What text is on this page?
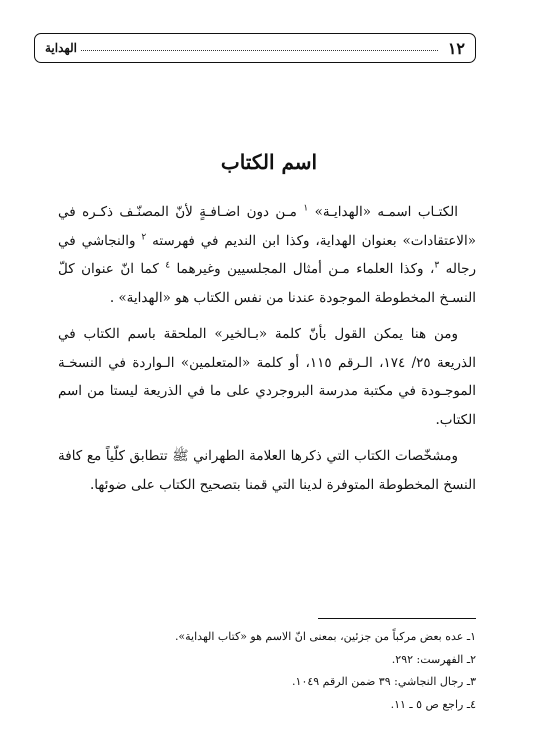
١٢
الهداية
اسم الكتاب

الكتـاب اسمـه «الهدايـة» $^١$ مـن دون اضـافـةٍ لأنّ المصنّـف ذكـره في «الاعتقادات» بعنوان الهداية، وكذا ابن النديم في فهرسته $^٢$ والنجاشي في رجاله $^٣$، وكذا العلماء مـن أمثال المجلسيين وغيرهما $^٤$ كما انّ عنوان كلّ النسـخ المخطوطة الموجودة عندنا من نفس الكتاب هو «الهداية» .

ومن هنا يمكن القول بأنّ كلمة «بـالخير» الملحقة باسم الكتاب في الذريعة ٢٥/ ١٧٤، الـرقم ١١٥، أو كلمة «المتعلمين» الـواردة في النسخـة الموجـودة في مكتبة مدرسة البروجردي على ما في الذريعة ليستا من اسم الكتاب.

ومشخّصات الكتاب التي ذكرها العلامة الطهراني ﷺ تتطابق كلّياً مع كافة النسخ المخطوطة المتوفرة لدينا التي قمنا بتصحيح الكتاب على ضوئها.

١ـ عده بعض مركباً من جزئين، بمعنى انّ الاسم هو «كتاب الهداية».

٢ـ الفهرست: ٢٩٢.

٣ـ رجال النجاشي: ٣٩ ضمن الرقم ١٠٤٩.

٤ـ راجع ص ٥ ـ ١١.
